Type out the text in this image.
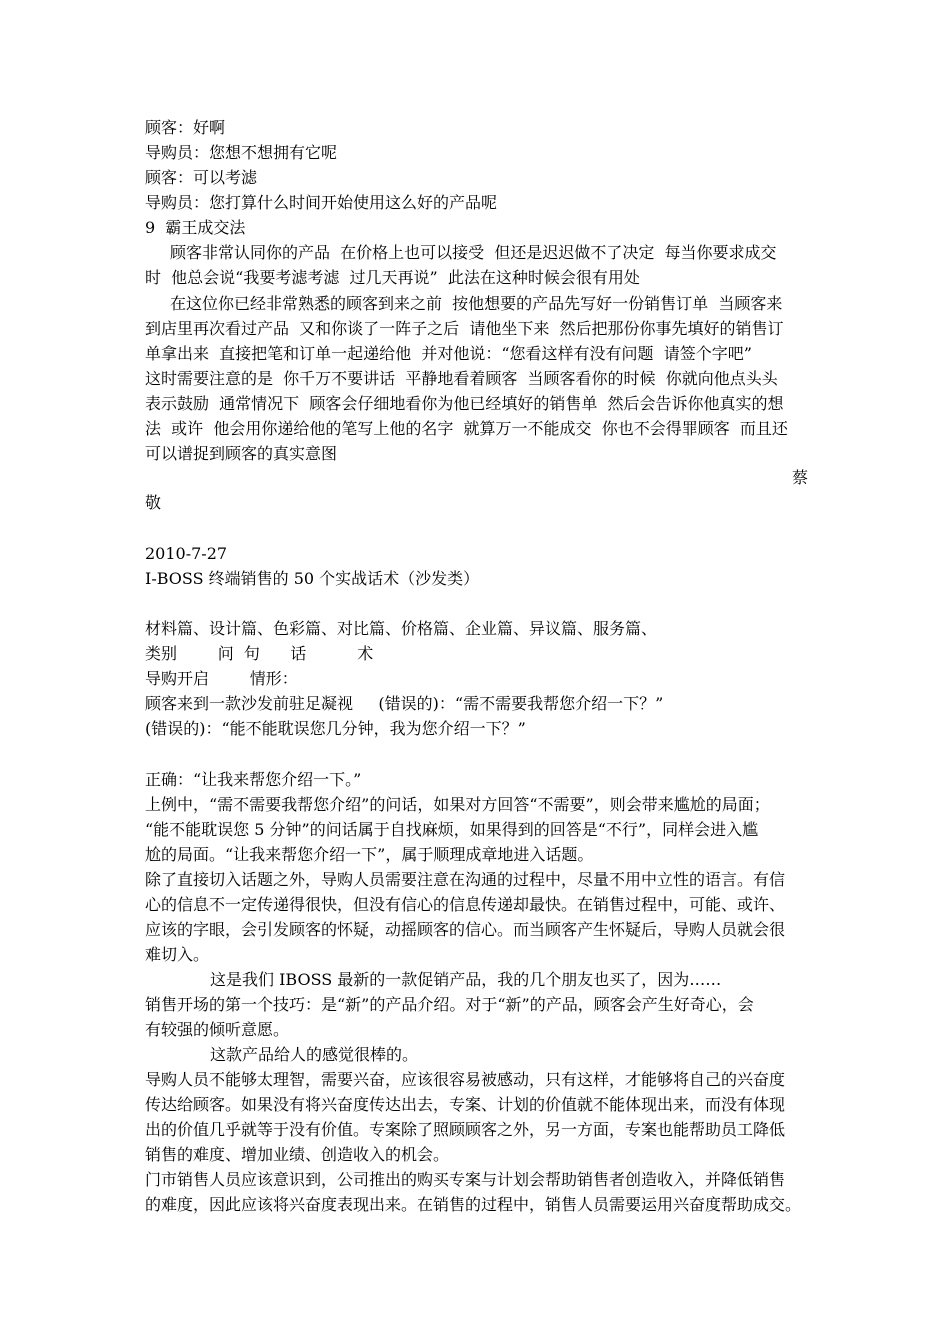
顾客：好啊
导购员：您想不想拥有它呢
顾客：可以考滤
导购员：您打算什么时间开始使用这么好的产品呢
9  霸王成交法
顾客非常认同你的产品  在价格上也可以接受  但还是迟迟做不了决定  每当你要求成交
时  他总会说“我要考滤考滤  过几天再说”  此法在这种时候会很有用处
在这位你已经非常熟悉的顾客到来之前  按他想要的产品先写好一份销售订单  当顾客来
到店里再次看过产品  又和你谈了一阵子之后  请他坐下来  然后把那份你事先填好的销售订
单拿出来  直接把笔和订单一起递给他  并对他说：“您看这样有没有问题  请签个字吧”
这时需要注意的是  你千万不要讲话  平静地看着顾客  当顾客看你的时候  你就向他点头头
表示鼓励  通常情况下  顾客会仔细地看你为他已经填好的销售单  然后会告诉你他真实的想
法  或许  他会用你递给他的笔写上他的名字  就算万一不能成交  你也不会得罪顾客  而且还
可以谱捉到顾客的真实意图
蔡
敬
2010-7-27
I-BOSS 终端销售的 50 个实战话术（沙发类）
材料篇、设计篇、色彩篇、对比篇、价格篇、企业篇、异议篇、服务篇、
类别        问  句      话          术
导购开启        情形：
顾客来到一款沙发前驻足凝视     (错误的)：“需不需要我帮您介绍一下？”
(错误的)：“能不能耽误您几分钟，我为您介绍一下？”
正确：“让我来帮您介绍一下。”
上例中，“需不需要我帮您介绍”的问话，如果对方回答“不需要”，则会带来尴尬的局面；
“能不能耽误您 5 分钟”的问话属于自找麻烦，如果得到的回答是“不行”，同样会进入尴
尬的局面。“让我来帮您介绍一下”，属于顺理成章地进入话题。
除了直接切入话题之外，导购人员需要注意在沟通的过程中，尽量不用中立性的语言。有信
心的信息不一定传递得很快，但没有信心的信息传递却最快。在销售过程中，可能、或许、
应该的字眼，会引发顾客的怀疑，动摇顾客的信心。而当顾客产生怀疑后，导购人员就会很
难切入。
这是我们 IBOSS 最新的一款促销产品，我的几个朋友也买了，因为……
销售开场的第一个技巧：是“新”的产品介绍。对于“新”的产品，顾客会产生好奇心，会
有较强的倾听意愿。
这款产品给人的感觉很棒的。
导购人员不能够太理智，需要兴奋，应该很容易被感动，只有这样，才能够将自己的兴奋度
传达给顾客。如果没有将兴奋度传达出去，专案、计划的价值就不能体现出来，而没有体现
出的价值几乎就等于没有价值。专案除了照顾顾客之外，另一方面，专案也能帮助员工降低
销售的难度、增加业绩、创造收入的机会。
门市销售人员应该意识到，公司推出的购买专案与计划会帮助销售者创造收入，并降低销售
的难度，因此应该将兴奋度表现出来。在销售的过程中，销售人员需要运用兴奋度帮助成交。
